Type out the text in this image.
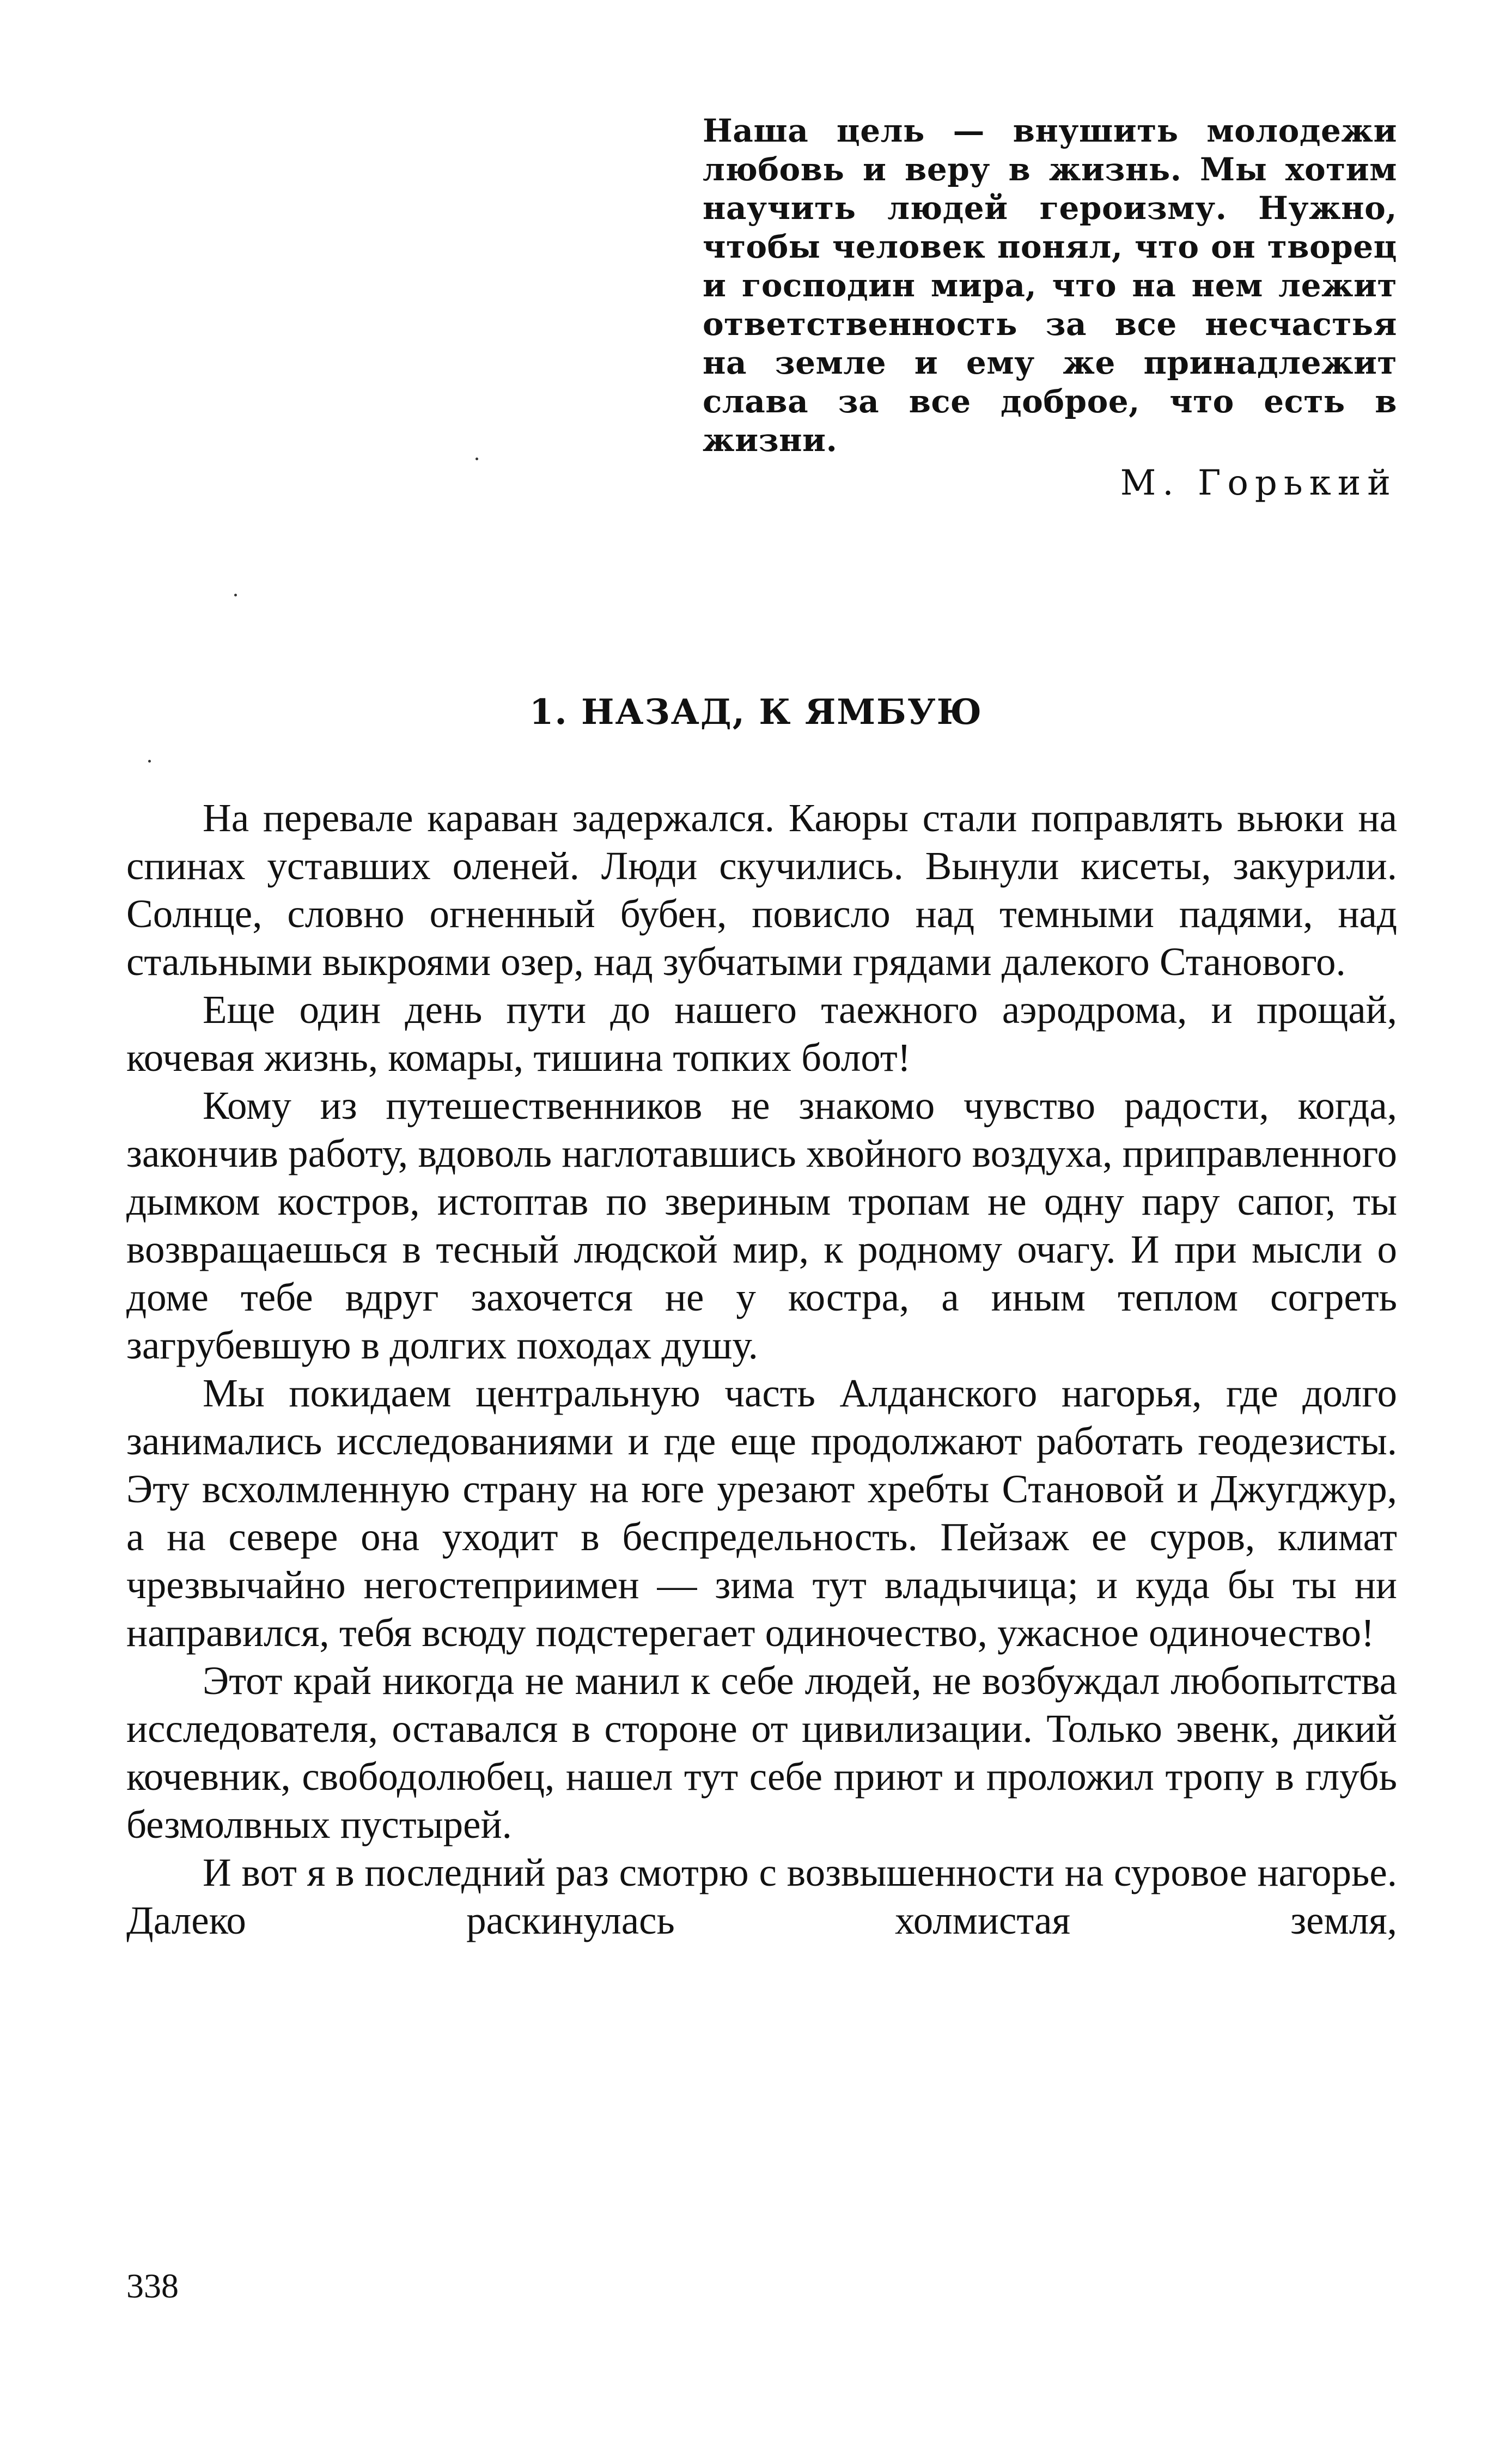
Наша цель — внушить молодежи любовь и веру в жизнь. Мы хотим научить людей героизму. Нужно, чтобы человек понял, что он творец и господин мира, что на нем лежит ответственность за все несчастья на земле и ему же принадлежит слава за все доброе, что есть в жизни.
М. Горький
1. НАЗАД, К ЯМБУЮ

На перевале караван задержался. Каюры стали поправлять вьюки на спинах уставших оленей. Люди скучились. Вынули кисеты, закурили. Солнце, словно огненный бубен, повисло над темными падями, над стальными выкроями озер, над зубчатыми грядами далекого Станового.

Еще один день пути до нашего таежного аэродрома, и прощай, кочевая жизнь, комары, тишина топких болот!

Кому из путешественников не знакомо чувство радости, когда, закончив работу, вдоволь наглотавшись хвойного воздуха, приправленного дымком костров, истоптав по звериным тропам не одну пару сапог, ты возвращаешься в тесный людской мир, к родному очагу. И при мысли о доме тебе вдруг захочется не у костра, а иным теплом согреть загрубевшую в долгих походах душу.

Мы покидаем центральную часть Алданского нагорья, где долго занимались исследованиями и где еще продолжают работать геодезисты. Эту всхолмленную страну на юге урезают хребты Становой и Джугджур, а на севере она уходит в беспредельность. Пейзаж ее суров, климат чрезвычайно негостеприимен — зима тут владычица; и куда бы ты ни направился, тебя всюду подстерегает одиночество, ужасное одиночество!

Этот край никогда не манил к себе людей, не возбуждал любопытства исследователя, оставался в стороне от цивилизации. Только эвенк, дикий кочевник, свободолюбец, нашел тут себе приют и проложил тропу в глубь безмолвных пустырей.

И вот я в последний раз смотрю с возвышенности на суровое нагорье. Далеко раскинулась холмистая земля,

338
